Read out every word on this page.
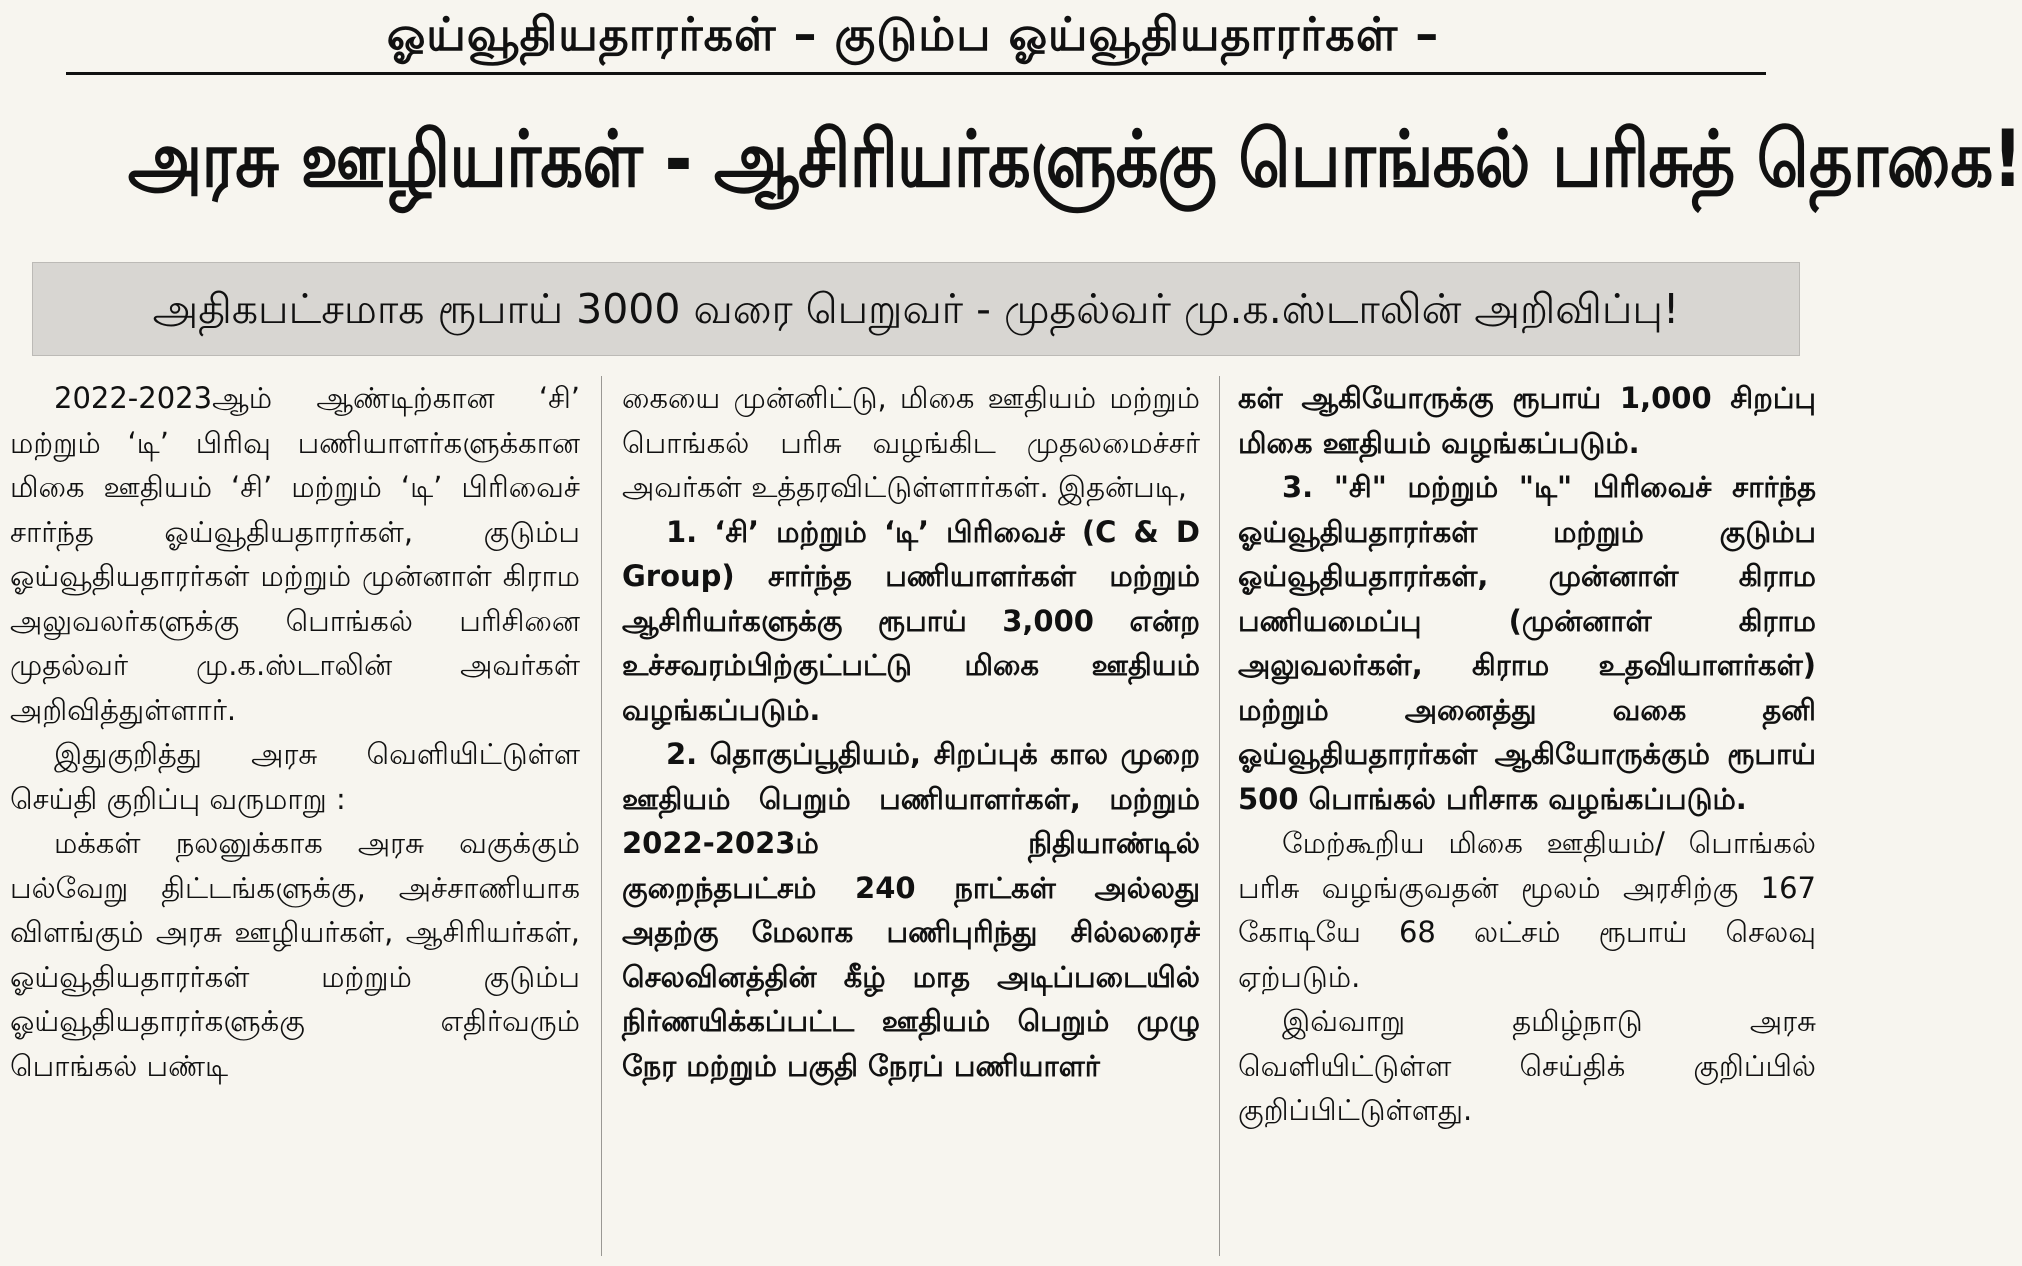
ஓய்வூதியதாரர்கள் – குடும்ப ஓய்வூதியதாரர்கள் –
அரசு ஊழியர்கள் - ஆசிரியர்களுக்கு பொங்கல் பரிசுத் தொகை!
அதிகபட்சமாக ரூபாய் 3000 வரை பெறுவர் - முதல்வர் மு.க.ஸ்டாலின் அறிவிப்பு!

2022-2023ஆம் ஆண்டிற்கான ‘சி’ மற்றும் ‘டி’ பிரிவு பணியாளர்களுக்கான மிகை ஊதியம் ‘சி’ மற்றும் ‘டி’ பிரிவைச் சார்ந்த ஓய்வூதியதாரர்கள், குடும்ப ஓய்வூதியதாரர்கள் மற்றும் முன்னாள் கிராம அலுவலர்களுக்கு பொங்கல் பரிசினை முதல்வர் மு.க.ஸ்டாலின் அவர்கள் அறிவித்துள்ளார்.

இதுகுறித்து அரசு வெளியிட்டுள்ள செய்தி குறிப்பு வருமாறு :

மக்கள் நலனுக்காக அரசு வகுக்கும் பல்வேறு திட்டங்களுக்கு, அச்சாணியாக விளங்கும் அரசு ஊழியர்கள், ஆசிரியர்கள், ஓய்வூதியதாரர்கள் மற்றும் குடும்ப ஓய்வூதியதாரர்களுக்கு எதிர்வரும் பொங்கல் பண்டி

கையை முன்னிட்டு, மிகை ஊதியம் மற்றும் பொங்கல் பரிசு வழங்கிட முதலமைச்சர் அவர்கள் உத்தரவிட்டுள்ளார்கள். இதன்படி,

1. ‘சி’ மற்றும் ‘டி’ பிரிவைச் (C & D Group) சார்ந்த பணியாளர்கள் மற்றும் ஆசிரியர்களுக்கு ரூபாய் 3,000 என்ற உச்சவரம்பிற்குட்பட்டு மிகை ஊதியம் வழங்கப்படும்.

2. தொகுப்பூதியம், சிறப்புக் கால முறை ஊதியம் பெறும் பணியாளர்கள், மற்றும் 2022-2023ம் நிதியாண்டில் குறைந்தபட்சம் 240 நாட்கள் அல்லது அதற்கு மேலாக பணிபுரிந்து சில்லரைச் செலவினத்தின் கீழ் மாத அடிப்படையில் நிர்ணயிக்கப்பட்ட ஊதியம் பெறும் முழு நேர மற்றும் பகுதி நேரப் பணியாளர்

கள் ஆகியோருக்கு ரூபாய் 1,000 சிறப்பு மிகை ஊதியம் வழங்கப்படும்.

3. "சி" மற்றும் "டி" பிரிவைச் சார்ந்த ஓய்வூதியதாரர்கள் மற்றும் குடும்ப ஓய்வூதியதாரர்கள், முன்னாள் கிராம பணியமைப்பு (முன்னாள் கிராம அலுவலர்கள், கிராம உதவியாளர்கள்) மற்றும் அனைத்து வகை தனி ஓய்வூதியதாரர்கள் ஆகியோருக்கும் ரூபாய் 500 பொங்கல் பரிசாக வழங்கப்படும்.

மேற்கூறிய மிகை ஊதியம்/ பொங்கல் பரிசு வழங்குவதன் மூலம் அரசிற்கு 167 கோடியே 68 லட்சம் ரூபாய் செலவு ஏற்படும்.

இவ்வாறு தமிழ்நாடு அரசு வெளியிட்டுள்ள செய்திக் குறிப்பில் குறிப்பிட்டுள்ளது.
